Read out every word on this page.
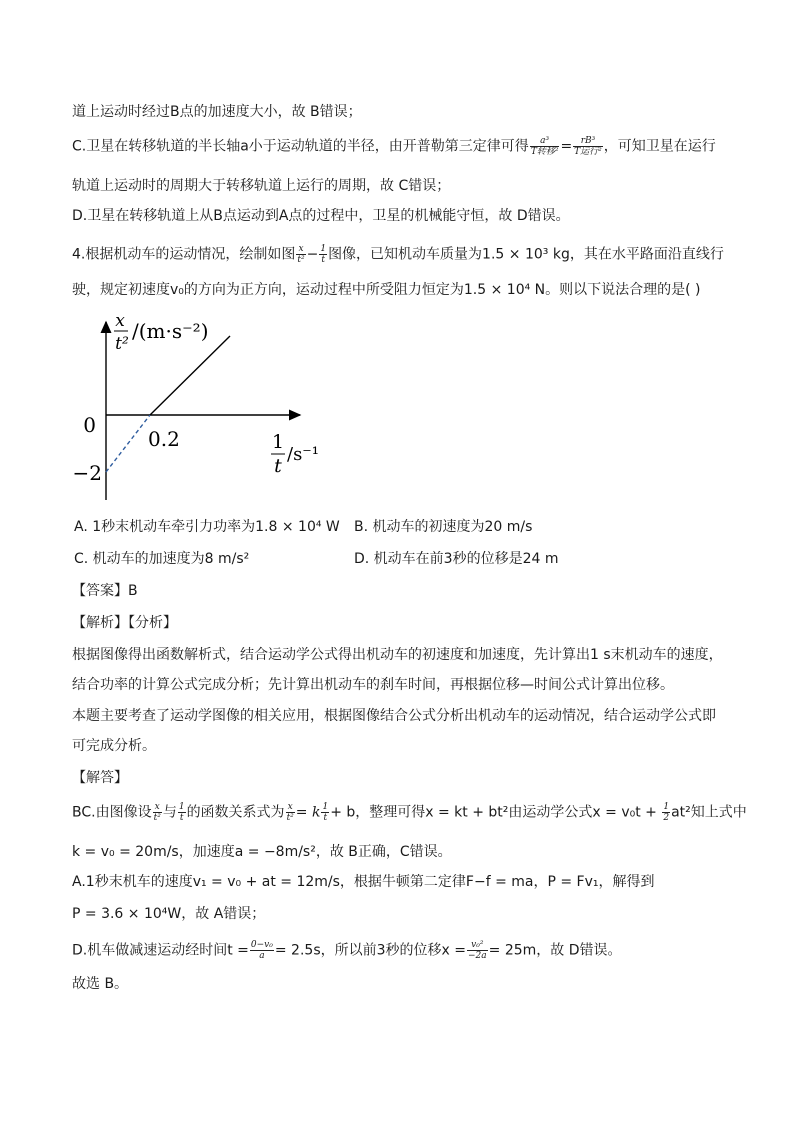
道上运动时经过B点的加速度大小，故 B错误；
C.卫星在转移轨道的半长轴a小于运动轨道的半径，由开普勒第三定律可得 $\frac{\text{a³}}{\text{T转移²}} = \frac{\text{rB³}}{\text{T运行²}}$ ，可知卫星在运行
轨道上运动时的周期大于转移轨道上运行的周期，故 C错误；
D.卫星在转移轨道上从B点运动到A点的过程中，卫星的机械能守恒，故 D错误。
4.根据机动车的运动情况，绘制如图 $\frac{x}{\text{t²}} - \frac{1}{t}$ 图像，已知机动车质量为1.5 × 10³ kg，其在水平路面沿直线行
驶，规定初速度v₀的方向为正方向，运动过程中所受阻力恒定为1.5 × 10⁴ N。则以下说法合理的是( )
x
t²
/(m·s⁻²)
0
0.2
−2
1
t
/s⁻¹
A. 1秒末机动车牵引力功率为1.8 × 10⁴ W B. 机动车的初速度为20 m/s
C. 机动车的加速度为8 m/s²	D. 机动车在前3秒的位移是24 m
【答案】B
【解析】【分析】
根据图像得出函数解析式，结合运动学公式得出机动车的初速度和加速度，先计算出1 s末机动车的速度，
结合功率的计算公式完成分析；先计算出机动车的刹车时间，再根据位移—时间公式计算出位移。
本题主要考查了运动学图像的相关应用，根据图像结合公式分析出机动车的运动情况，结合运动学公式即
可完成分析。
【解答】
BC.由图像设 $\frac{x}{\text{t²}}$ 与 $\frac{1}{t}$ 的函数关系式为 $\frac{x}{\text{t²}} = k \frac{1}{t} + b$，整理可得x = kt + bt²由运动学公式$x = v_0t + \frac{1}{2} at^2$知上式中
k = v₀ = 20m/s，加速度a = −8m/s²，故 B正确，C错误。
A.1秒末机车的速度v₁ = v₀ + at = 12m/s，根据牛顿第二定律F−f = ma，P = Fv₁，解得到
P = 3.6 × 10⁴W，故 A错误；
D.机车做减速运动经时间$t = \frac{\text{0−v₀}}{a} = 2.5s$，所以前3秒的位移$x = \frac{\text{v₀²}}{-2a} = 25m$，故 D错误。
故选 B。
